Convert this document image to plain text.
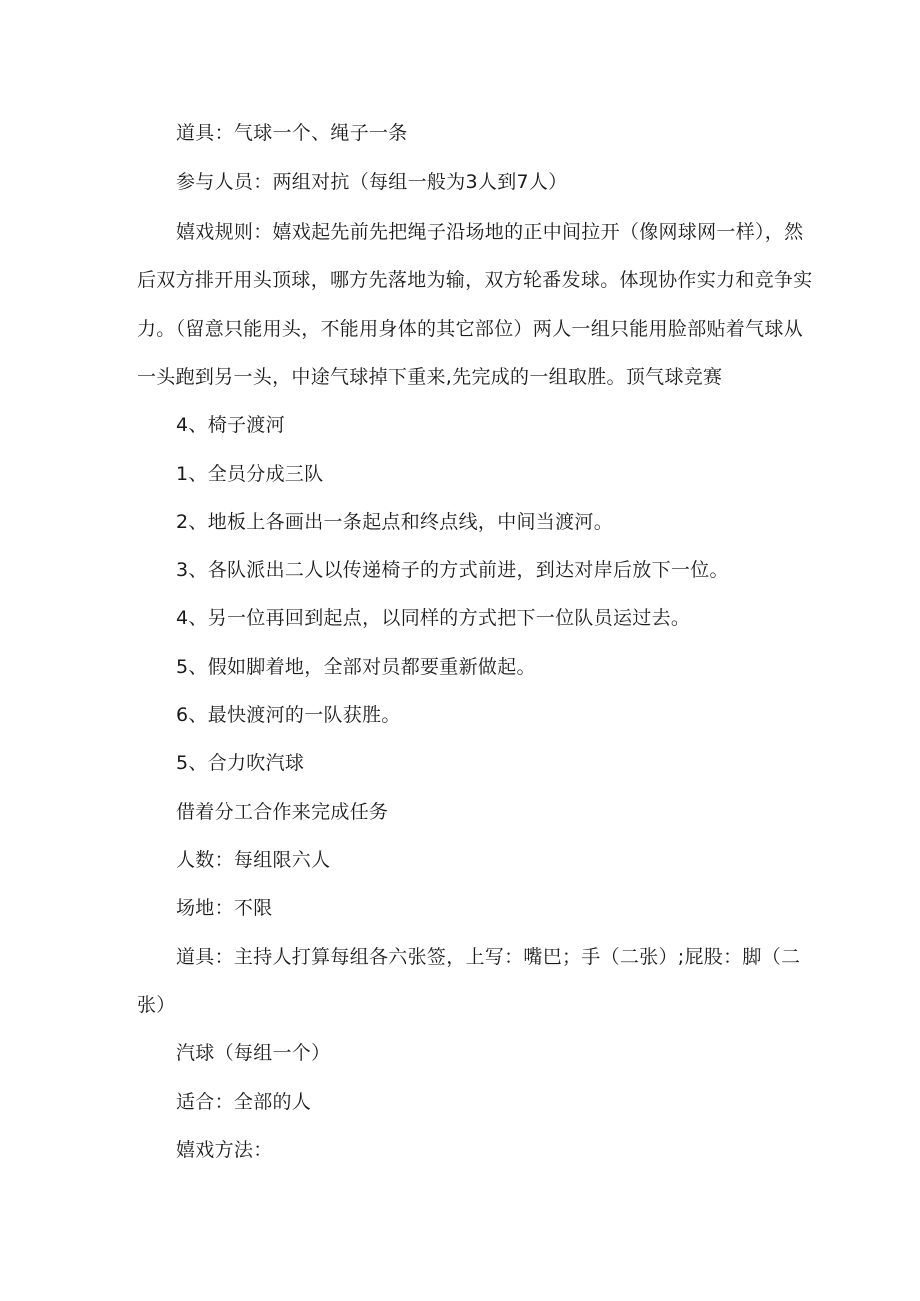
道具：气球一个、绳子一条
参与人员：两组对抗（每组一般为3人到7人）
嬉戏规则：嬉戏起先前先把绳子沿场地的正中间拉开（像网球网一样），然
后双方排开用头顶球，哪方先落地为输，双方轮番发球。体现协作实力和竞争实
力。（留意只能用头，不能用身体的其它部位）两人一组只能用脸部贴着气球从
一头跑到另一头，中途气球掉下重来,先完成的一组取胜。顶气球竞赛
4、椅子渡河
1、全员分成三队
2、地板上各画出一条起点和终点线，中间当渡河。
3、各队派出二人以传递椅子的方式前进，到达对岸后放下一位。
4、另一位再回到起点，以同样的方式把下一位队员运过去。
5、假如脚着地，全部对员都要重新做起。
6、最快渡河的一队获胜。
5、合力吹汽球
借着分工合作来完成任务
人数：每组限六人
场地：不限
道具：主持人打算每组各六张签，上写：嘴巴；手（二张）;屁股：脚（二
张）
汽球（每组一个）
适合：全部的人
嬉戏方法：
